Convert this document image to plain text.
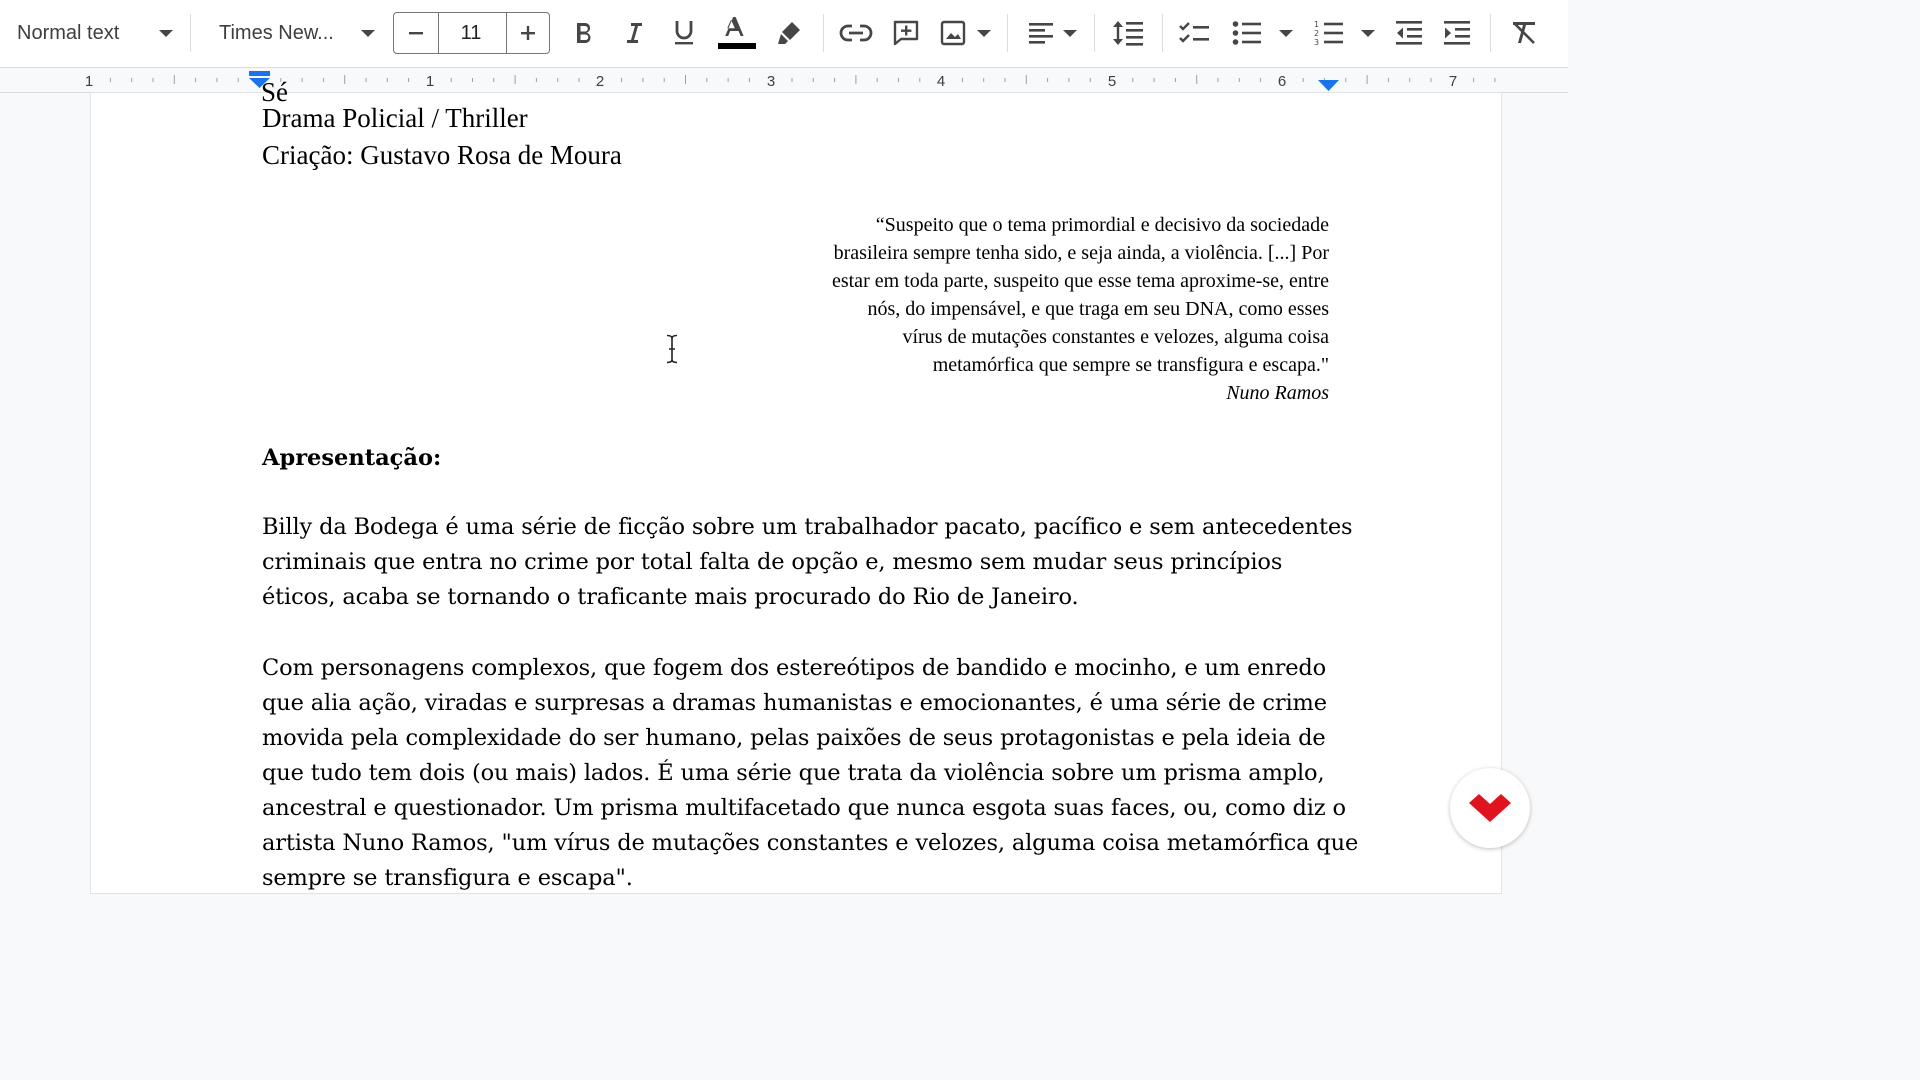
Normal text	Times New...	11	1
2
3
1	1	2	3	4	5	6	7
Sé
Drama Policial / Thriller
Criação: Gustavo Rosa de Moura
“Suspeito que o tema primordial e decisivo da sociedade
brasileira sempre tenha sido, e seja ainda, a violência. [...] Por
estar em toda parte, suspeito que esse tema aproxime-se, entre
nós, do impensável, e que traga em seu DNA, como esses
vírus de mutações constantes e velozes, alguma coisa
metamórfica que sempre se transfigura e escapa."
Nuno Ramos
Apresentação:
Billy da Bodega é uma série de ficção sobre um trabalhador pacato, pacífico e sem antecedentes
criminais que entra no crime por total falta de opção e, mesmo sem mudar seus princípios
éticos, acaba se tornando o traficante mais procurado do Rio de Janeiro.
Com personagens complexos, que fogem dos estereótipos de bandido e mocinho, e um enredo
que alia ação, viradas e surpresas a dramas humanistas e emocionantes, é uma série de crime
movida pela complexidade do ser humano, pelas paixões de seus protagonistas e pela ideia de
que tudo tem dois (ou mais) lados. É uma série que trata da violência sobre um prisma amplo,
ancestral e questionador. Um prisma multifacetado que nunca esgota suas faces, ou, como diz o
artista Nuno Ramos, "um vírus de mutações constantes e velozes, alguma coisa metamórfica que
sempre se transfigura e escapa".
